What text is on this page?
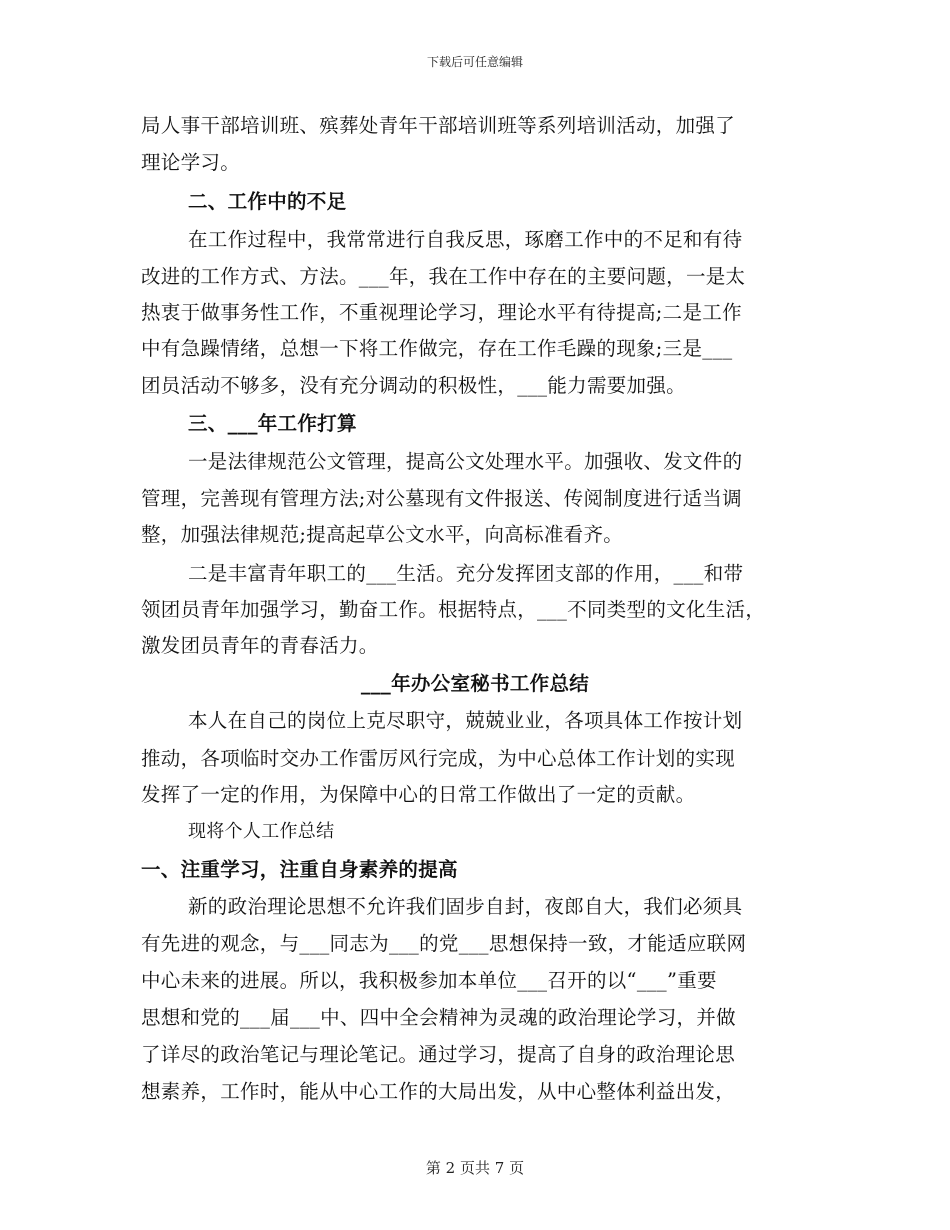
下载后可任意编辑
局人事干部培训班、殡葬处青年干部培训班等系列培训活动，加强了
理论学习。
二、工作中的不足
在工作过程中，我常常进行自我反思，琢磨工作中的不足和有待
改进的工作方式、方法。___年，我在工作中存在的主要问题，一是太
热衷于做事务性工作，不重视理论学习，理论水平有待提高;二是工作
中有急躁情绪，总想一下将工作做完，存在工作毛躁的现象;三是___
团员活动不够多，没有充分调动的积极性，___能力需要加强。
三、___年工作打算
一是法律规范公文管理，提高公文处理水平。加强收、发文件的
管理，完善现有管理方法;对公墓现有文件报送、传阅制度进行适当调
整，加强法律规范;提高起草公文水平，向高标准看齐。
二是丰富青年职工的___生活。充分发挥团支部的作用，___和带
领团员青年加强学习，勤奋工作。根据特点，___不同类型的文化生活，
激发团员青年的青春活力。
___年办公室秘书工作总结
本人在自己的岗位上克尽职守，兢兢业业，各项具体工作按计划
推动，各项临时交办工作雷厉风行完成，为中心总体工作计划的实现
发挥了一定的作用，为保障中心的日常工作做出了一定的贡献。
现将个人工作总结
一、注重学习，注重自身素养的提高
新的政治理论思想不允许我们固步自封，夜郎自大，我们必须具
有先进的观念，与___同志为___的党___思想保持一致，才能适应联网
中心未来的进展。所以，我积极参加本单位___召开的以“___”重要
思想和党的___届___中、四中全会精神为灵魂的政治理论学习，并做
了详尽的政治笔记与理论笔记。通过学习，提高了自身的政治理论思
想素养，工作时，能从中心工作的大局出发，从中心整体利益出发，
第 2 页共 7 页
